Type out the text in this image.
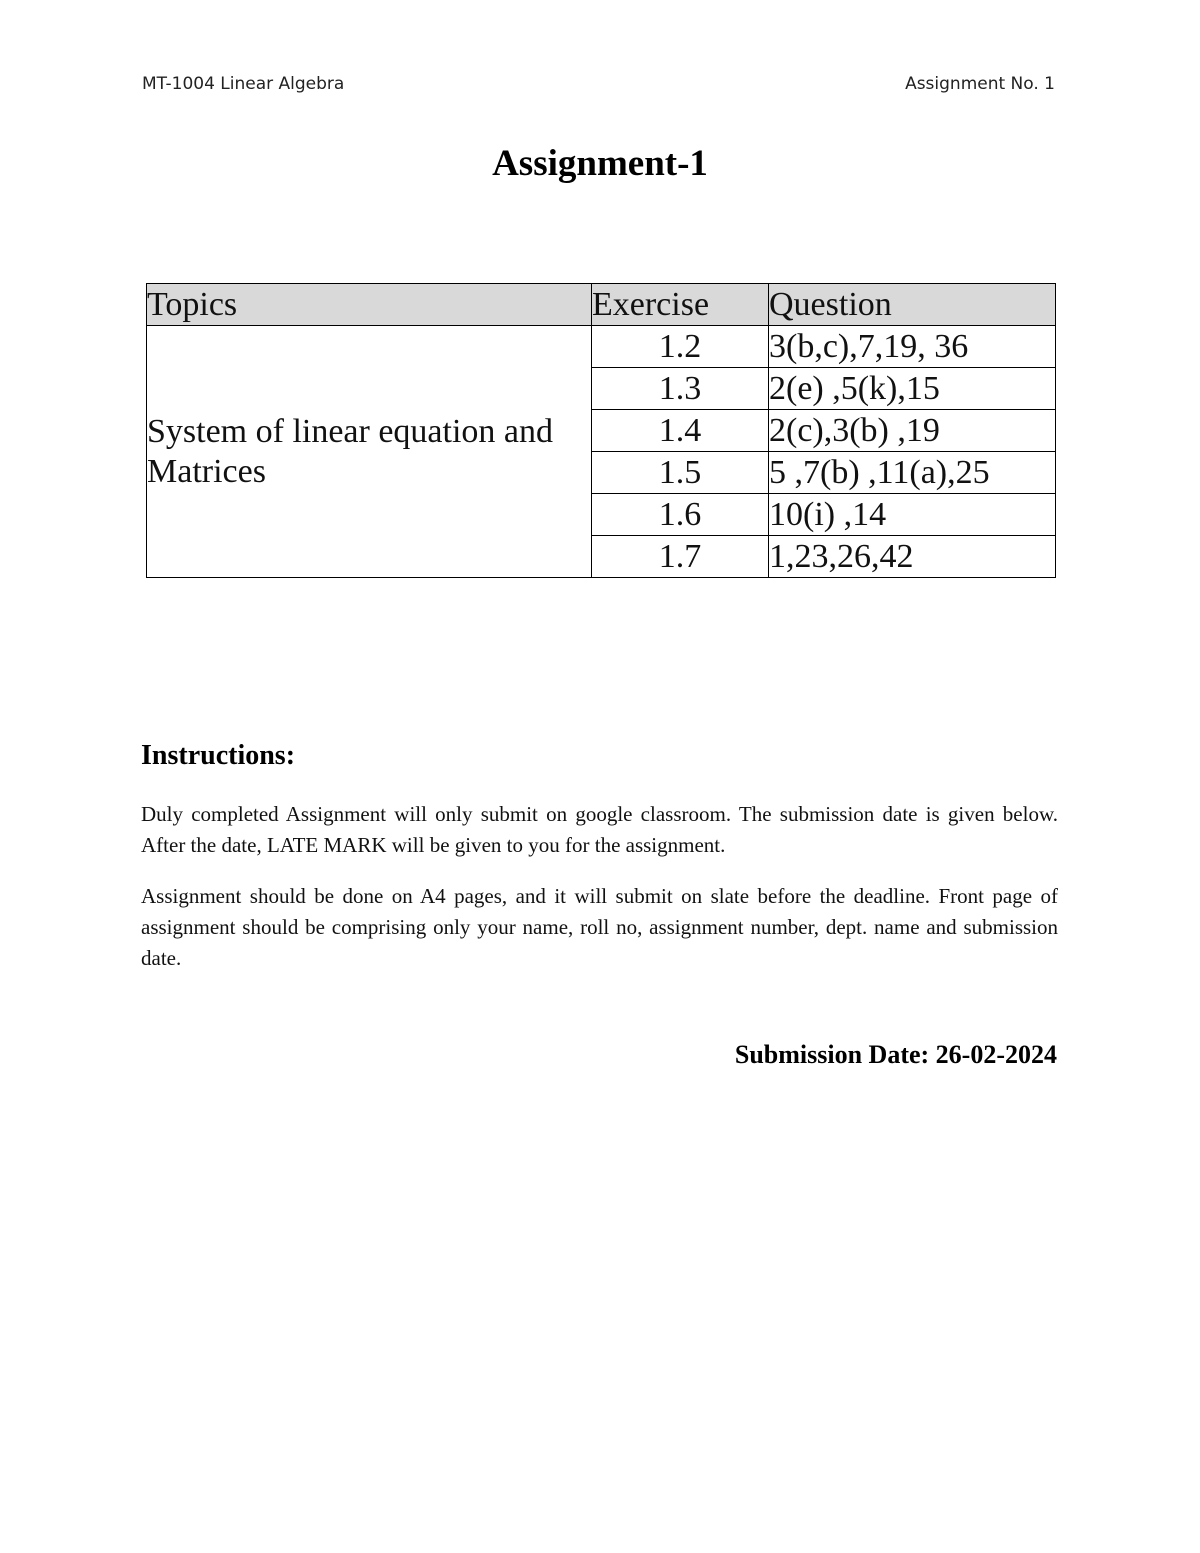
MT-1004 Linear Algebra	Assignment No. 1
Assignment-1
Topics	Exercise	Question
System of linear equation and Matrices	1.2	3(b,c),7,19, 36
	1.3	2(e) ,5(k),15
	1.4	2(c),3(b) ,19
	1.5	5 ,7(b) ,11(a),25
	1.6	10(i) ,14
	1.7	1,23,26,42
Instructions:
Duly completed Assignment will only submit on google classroom. The submission date is given below. After the date, LATE MARK will be given to you for the assignment.
Assignment should be done on A4 pages, and it will submit on slate before the deadline. Front page of assignment should be comprising only your name, roll no, assignment number, dept. name and submission date.
Submission Date: 26-02-2024
